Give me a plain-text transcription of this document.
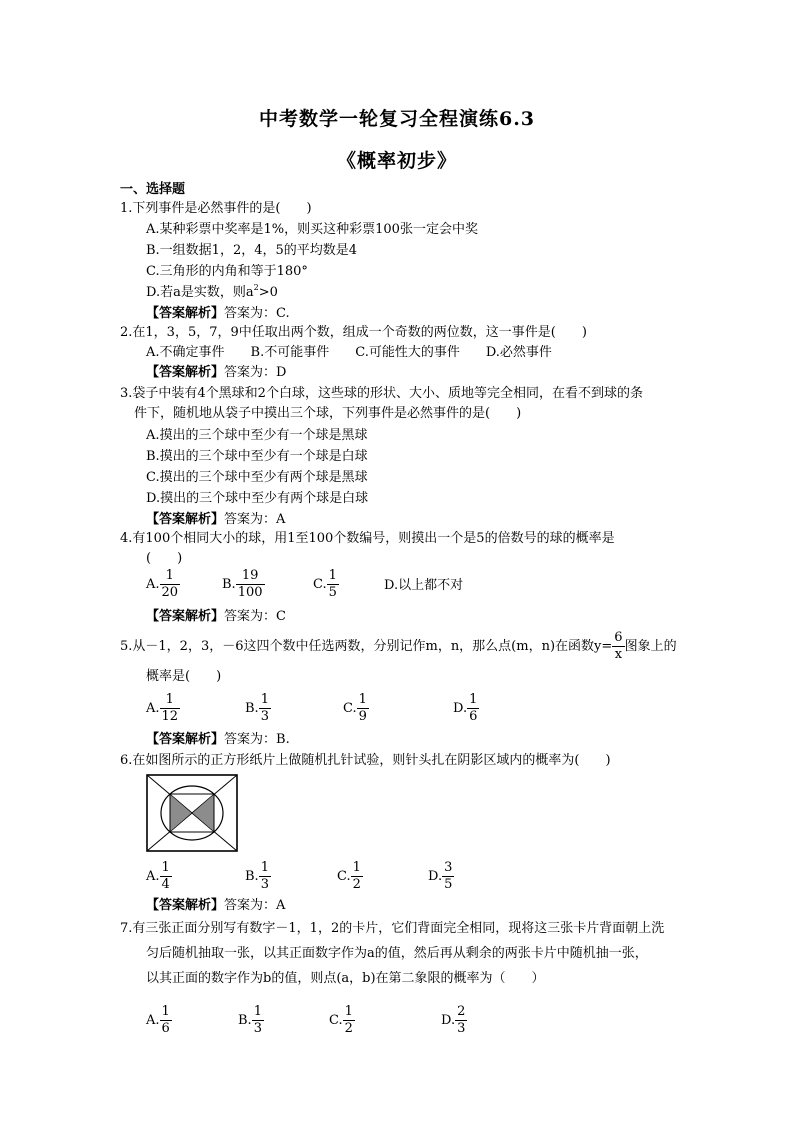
中考数学一轮复习全程演练6.3
《概率初步》
一、选择题
1.下列事件是必然事件的是(　　)
A.某种彩票中奖率是1%，则买这种彩票100张一定会中奖
B.一组数据1，2，4，5的平均数是4
C.三角形的内角和等于180°
D.若a是实数，则$a^2>0$
【答案解析】答案为：C.
2.在1，3，5，7，9中任取出两个数，组成一个奇数的两位数，这一事件是(　　)
A.不确定事件　　B.不可能事件　　C.可能性大的事件　　D.必然事件
【答案解析】答案为：D
3.袋子中装有4个黑球和2个白球，这些球的形状、大小、质地等完全相同，在看不到球的条
件下，随机地从袋子中摸出三个球，下列事件是必然事件的是(　　)
A.摸出的三个球中至少有一个球是黑球
B.摸出的三个球中至少有一个球是白球
C.摸出的三个球中至少有两个球是黑球
D.摸出的三个球中至少有两个球是白球
【答案解析】答案为：A
4.有100个相同大小的球，用1至100个数编号，则摸出一个是5的倍数号的球的概率是
(　　)
A. $\frac{1}{20}$	B. $\frac{19}{100}$	C. $\frac{1}{5}$	D.以上都不对
【答案解析】答案为：C
5.从－1，2，3，－6这四个数中任选两数，分别记作m，n，那么点(m，n)在函数$y= \frac{6}{x}$ 图象上的
概率是(　　)
A. $\frac{1}{12}$	B. $\frac{1}{3}$	C. $\frac{1}{9}$	D. $\frac{1}{6}$
【答案解析】答案为：B.
6.在如图所示的正方形纸片上做随机扎针试验，则针头扎在阴影区域内的概率为(　　)
A. $\frac{1}{4}$	B. $\frac{1}{3}$	C. $\frac{1}{2}$	D. $\frac{3}{5}$
【答案解析】答案为：A
7.有三张正面分别写有数字－1，1，2的卡片，它们背面完全相同，现将这三张卡片背面朝上洗
匀后随机抽取一张，以其正面数字作为a的值，然后再从剩余的两张卡片中随机抽一张，
以其正面的数字作为b的值，则点(a，b)在第二象限的概率为（　　）
A. $\frac{1}{6}$	B. $\frac{1}{3}$	C. $\frac{1}{2}$	D. $\frac{2}{3}$
